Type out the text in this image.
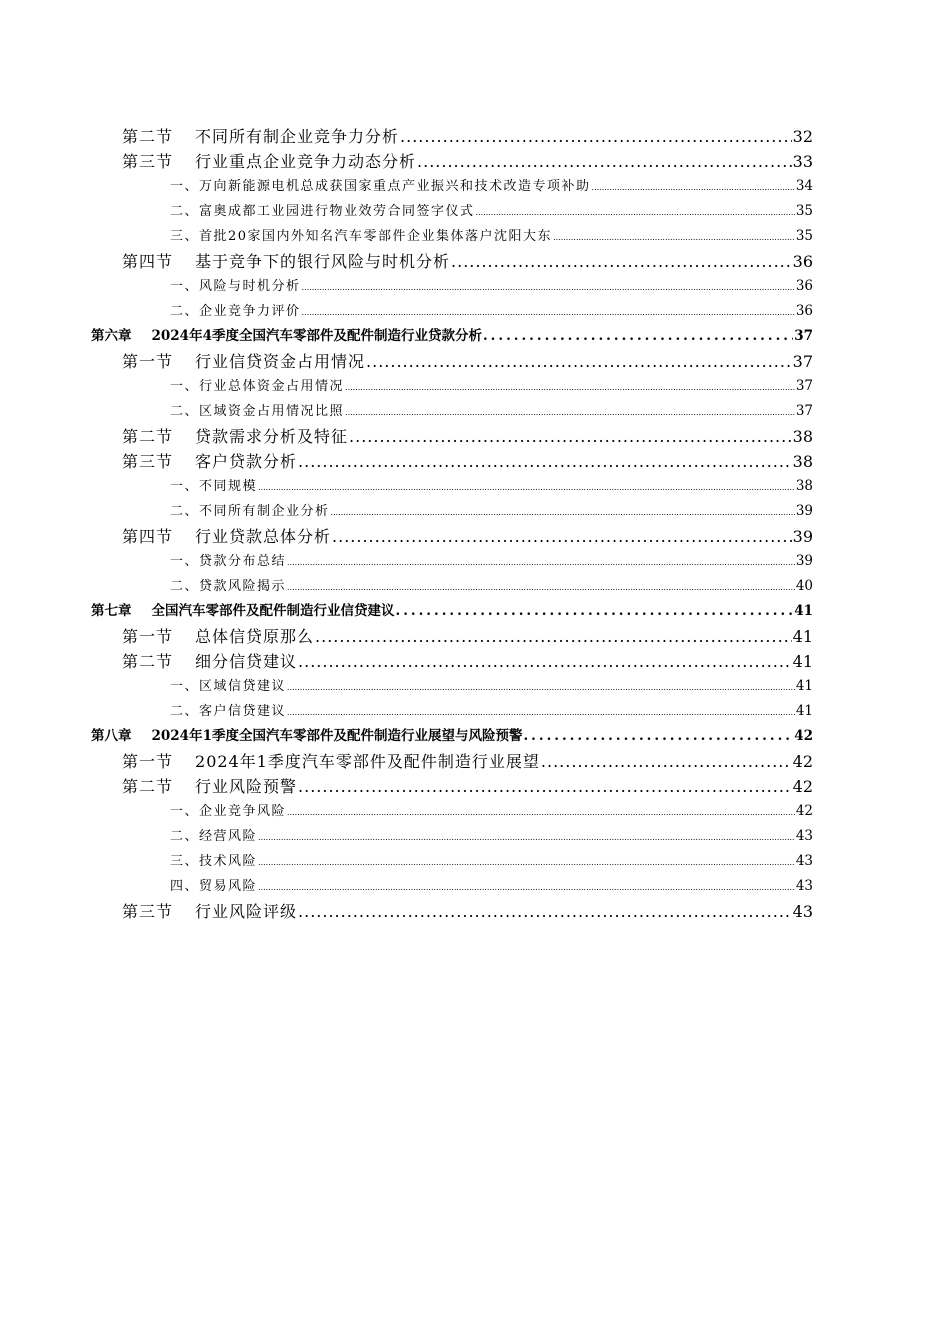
第二节 不同所有制企业竞争力分析 .....	32
第三节 行业重点企业竞争力动态分析 .....	33
一、 万向新能源电机总成获国家重点产业振兴和技术改造专项补助 .....	34
二、 富奥成都工业园进行物业效劳合同签字仪式 .....	35
三、 首批20家国内外知名汽车零部件企业集体落户沈阳大东 .....	35
第四节 基于竞争下的银行风险与时机分析 .....	36
一、 风险与时机分析 .....	36
二、 企业竞争力评价 .....	36
第六章 2024年4季度全国汽车零部件及配件制造行业贷款分析 .....	37
第一节 行业信贷资金占用情况 .....	37
一、 行业总体资金占用情况 .....	37
二、 区域资金占用情况比照 .....	37
第二节 贷款需求分析及特征 .....	38
第三节 客户贷款分析 .....	38
一、 不同规模 .....	38
二、 不同所有制企业分析 .....	39
第四节 行业贷款总体分析 .....	39
一、 贷款分布总结 .....	39
二、 贷款风险揭示 .....	40
第七章 全国汽车零部件及配件制造行业信贷建议 .....	41
第一节 总体信贷原那么 .....	41
第二节 细分信贷建议 .....	41
一、 区域信贷建议 .....	41
二、 客户信贷建议 .....	41
第八章 2024年1季度全国汽车零部件及配件制造行业展望与风险预警 .....	42
第一节 2024年1季度汽车零部件及配件制造行业展望 .....	42
第二节 行业风险预警 .....	42
一、 企业竞争风险 .....	42
二、 经营风险 .....	43
三、 技术风险 .....	43
四、 贸易风险 .....	43
第三节 行业风险评级 .....	43
